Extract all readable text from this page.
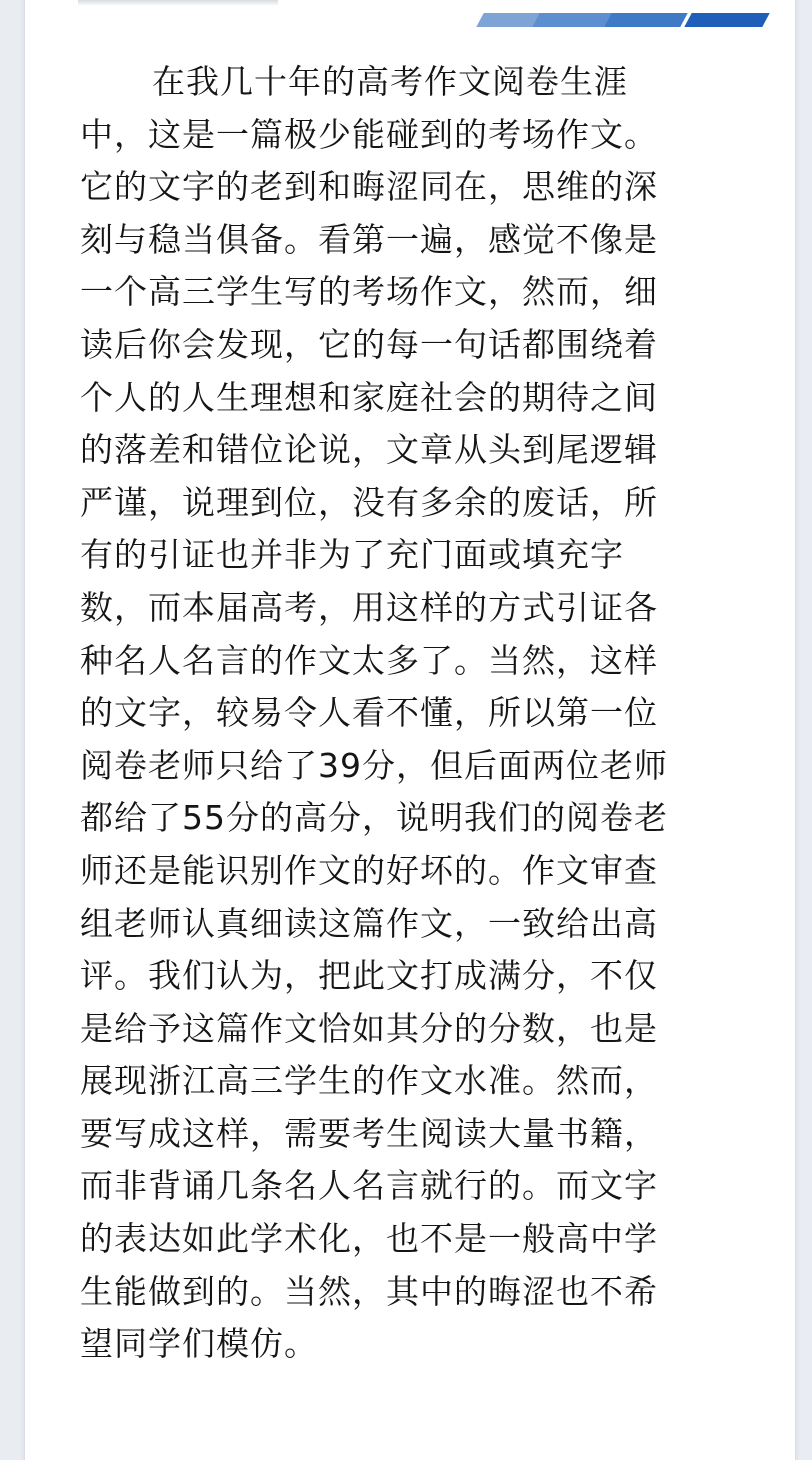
在我几十年的高考作文阅卷生涯
中，这是一篇极少能碰到的考场作文。
它的文字的老到和晦涩同在，思维的深
刻与稳当俱备。看第一遍，感觉不像是
一个高三学生写的考场作文，然而，细
读后你会发现，它的每一句话都围绕着
个人的人生理想和家庭社会的期待之间
的落差和错位论说，文章从头到尾逻辑
严谨，说理到位，没有多余的废话，所
有的引证也并非为了充门面或填充字
数，而本届高考，用这样的方式引证各
种名人名言的作文太多了。当然，这样
的文字，较易令人看不懂，所以第一位
阅卷老师只给了39分，但后面两位老师
都给了55分的高分，说明我们的阅卷老
师还是能识别作文的好坏的。作文审查
组老师认真细读这篇作文，一致给出高
评。我们认为，把此文打成满分，不仅
是给予这篇作文恰如其分的分数，也是
展现浙江高三学生的作文水准。然而，
要写成这样，需要考生阅读大量书籍，
而非背诵几条名人名言就行的。而文字
的表达如此学术化，也不是一般高中学
生能做到的。当然，其中的晦涩也不希
望同学们模仿。
